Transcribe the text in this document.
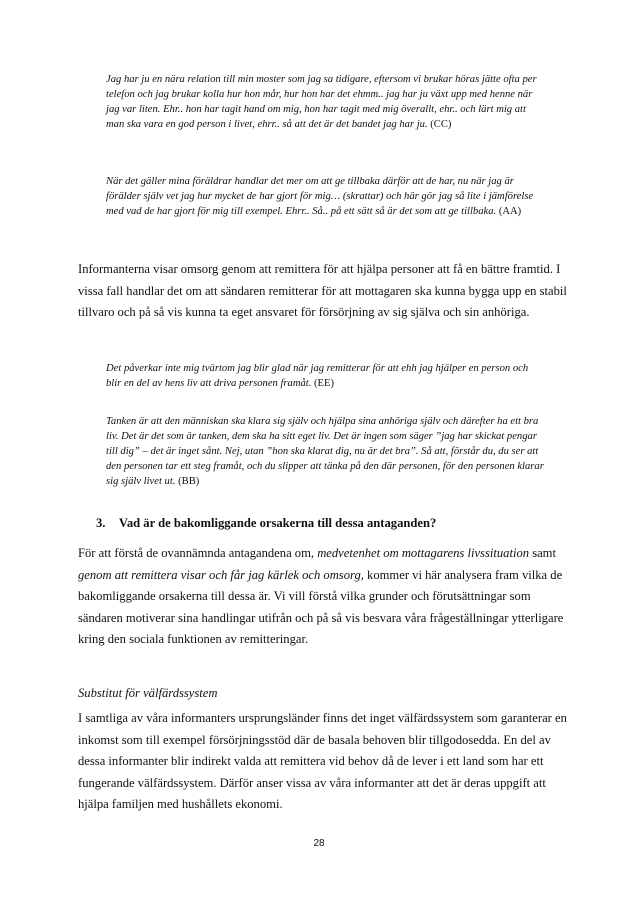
Jag har ju en nära relation till min moster som jag sa tidigare, eftersom vi brukar höras jätte ofta per telefon och jag brukar kolla hur hon mår, hur hon har det ehmm.. jag har ju växt upp med henne när jag var liten. Ehr.. hon har tagit hand om mig, hon har tagit med mig överallt, ehr.. och lärt mig att man ska vara en god person i livet, ehrr.. så att det är det bandet jag har ju. (CC)
När det gäller mina föräldrar handlar det mer om att ge tillbaka därför att de har, nu när jag är förälder själv vet jag hur mycket de har gjort för mig… (skrattar) och här gör jag så lite i jämförelse med vad de har gjort för mig till exempel. Ehrr.. Så.. på ett sätt så är det som att ge tillbaka. (AA)
Informanterna visar omsorg genom att remittera för att hjälpa personer att få en bättre framtid. I vissa fall handlar det om att sändaren remitterar för att mottagaren ska kunna bygga upp en stabil tillvaro och på så vis kunna ta eget ansvaret för försörjning av sig själva och sin anhöriga.
Det påverkar inte mig tvärtom jag blir glad när jag remitterar för att ehh jag hjälper en person och blir en del av hens liv att driva personen framåt. (EE)
Tanken är att den människan ska klara sig själv och hjälpa sina anhöriga själv och därefter ha ett bra liv. Det är det som är tanken, dem ska ha sitt eget liv. Det är ingen som säger ”jag har skickat pengar till dig” – det är inget sånt. Nej, utan ”hon ska klarat dig, nu är det bra”. Så att, förstår du, du ser att den personen tar ett steg framåt, och du slipper att tänka på den där personen, för den personen klarar sig själv livet ut. (BB)
3. Vad är de bakomliggande orsakerna till dessa antaganden?
För att förstå de ovannämnda antagandena om, medvetenhet om mottagarens livssituation samt genom att remittera visar och får jag kärlek och omsorg, kommer vi här analysera fram vilka de bakomliggande orsakerna till dessa är. Vi vill förstå vilka grunder och förutsättningar som sändaren motiverar sina handlingar utifrån och på så vis besvara våra frågeställningar ytterligare kring den sociala funktionen av remitteringar.
Substitut för välfärdssystem
I samtliga av våra informanters ursprungsländer finns det inget välfärdssystem som garanterar en inkomst som till exempel försörjningsstöd där de basala behoven blir tillgodosedda. En del av dessa informanter blir indirekt valda att remittera vid behov då de lever i ett land som har ett fungerande välfärdssystem. Därför anser vissa av våra informanter att det är deras uppgift att hjälpa familjen med hushållets ekonomi.
28
